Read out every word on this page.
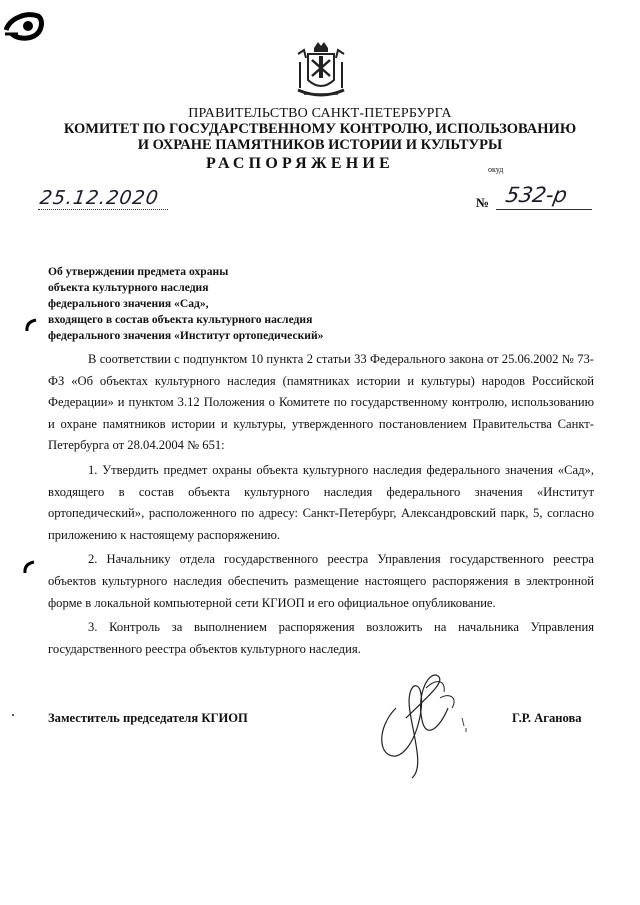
ПРАВИТЕЛЬСТВО САНКТ-ПЕТЕРБУРГА
КОМИТЕТ ПО ГОСУДАРСТВЕННОМУ КОНТРОЛЮ, ИСПОЛЬЗОВАНИЮ
И ОХРАНЕ ПАМЯТНИКОВ ИСТОРИИ И КУЛЬТУРЫ
РАСПОРЯЖЕНИЕ	окуд
25.12.2020	№ 532-р
Об утверждении предмета охраны
объекта культурного наследия
федерального значения «Сад»,
входящего в состав объекта культурного наследия
федерального значения «Институт ортопедический»

В соответствии с подпунктом 10 пункта 2 статьи 33 Федерального закона от 25.06.2002 № 73-ФЗ «Об объектах культурного наследия (памятниках истории и культуры) народов Российской Федерации» и пунктом 3.12 Положения о Комитете по государственному контролю, использованию и охране памятников истории и культуры, утвержденного постановлением Правительства Санкт-Петербурга от 28.04.2004 № 651:

1. Утвердить предмет охраны объекта культурного наследия федерального значения «Сад», входящего в состав объекта культурного наследия федерального значения «Институт ортопедический», расположенного по адресу: Санкт-Петербург, Александровский парк, 5, согласно приложению к настоящему распоряжению.

2. Начальнику отдела государственного реестра Управления государственного реестра объектов культурного наследия обеспечить размещение настоящего распоряжения в электронной форме в локальной компьютерной сети КГИОП и его официальное опубликование.

3. Контроль за выполнением распоряжения возложить на начальника Управления государственного реестра объектов культурного наследия.

Заместитель председателя КГИОП	Г.Р. Аганова
